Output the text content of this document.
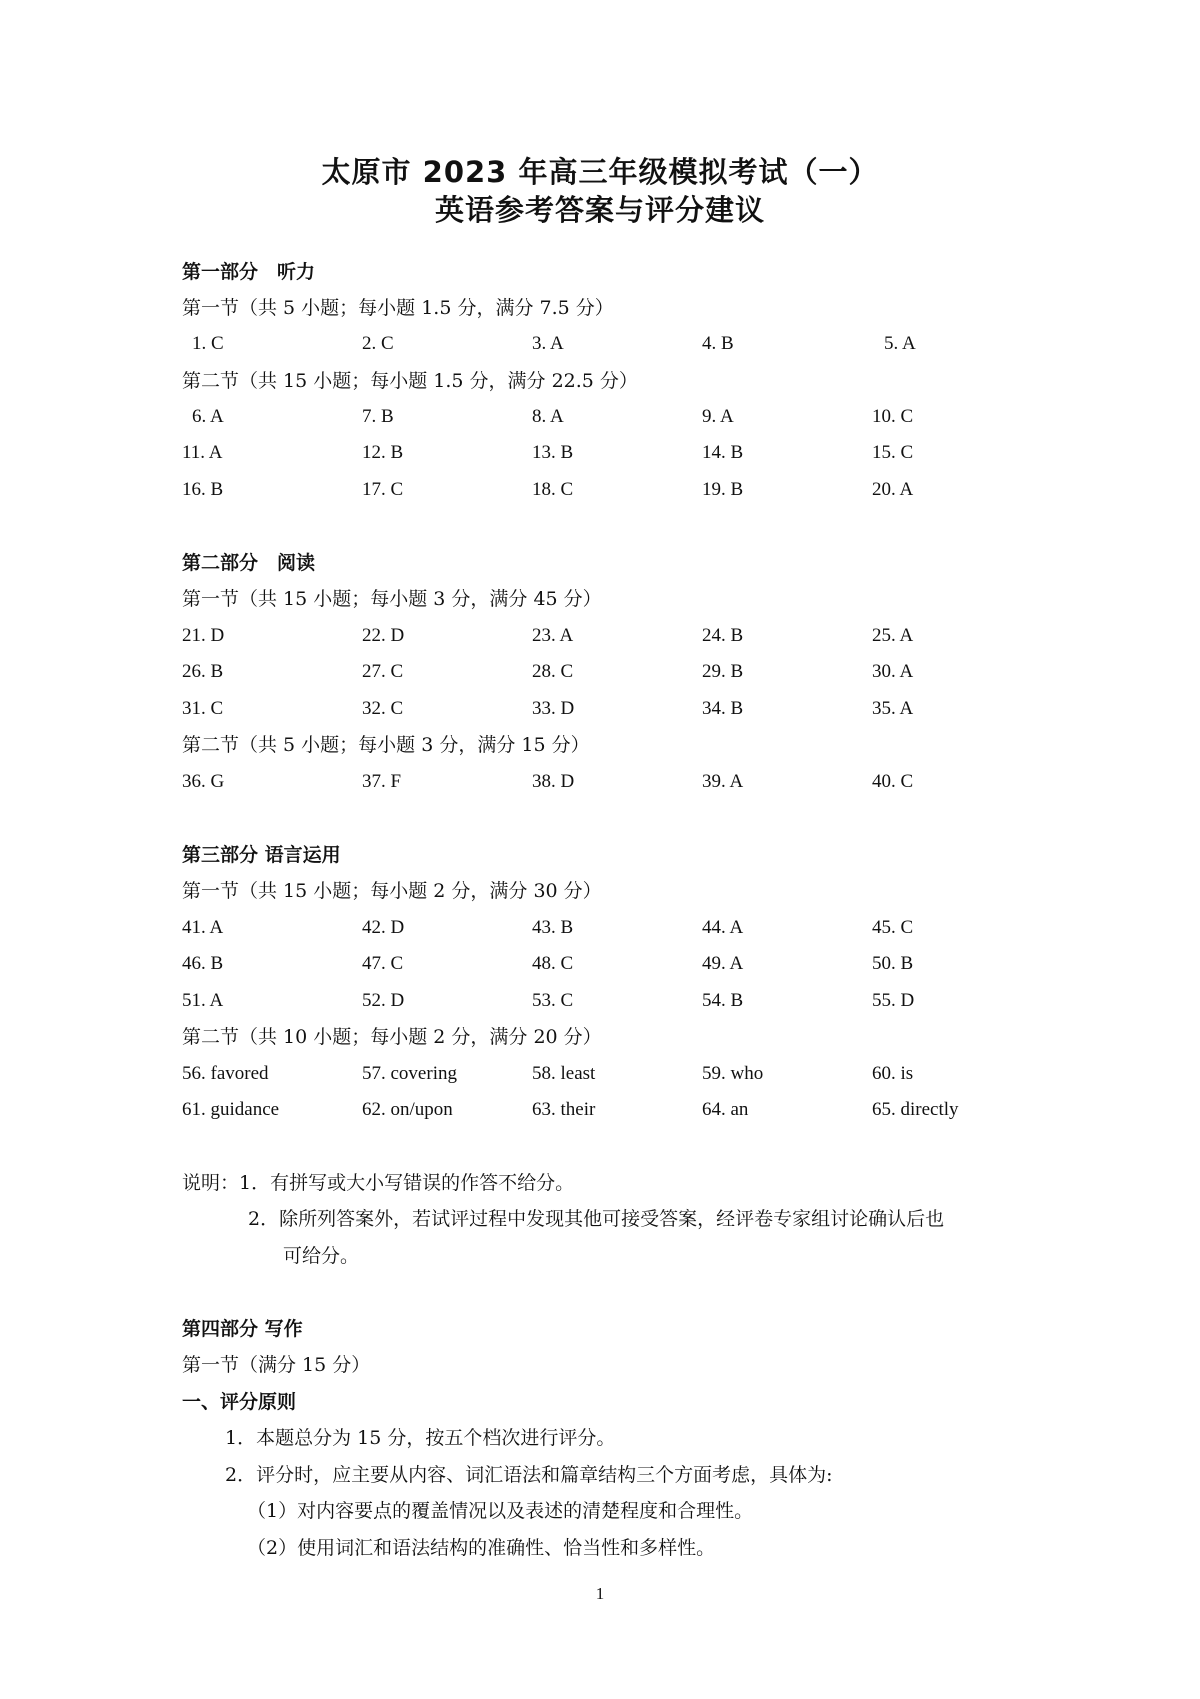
太原市 2023 年高三年级模拟考试（一）
英语参考答案与评分建议
第一部分　听力
第一节（共 5 小题；每小题 1.5 分，满分 7.5 分）
1. C	2. C	3. A	4. B	5. A
第二节（共 15 小题；每小题 1.5 分，满分 22.5 分）
6. A	7. B	8. A	9. A	10. C
11. A	12. B	13. B	14. B	15. C
16. B	17. C	18. C	19. B	20. A
第二部分　阅读
第一节（共 15 小题；每小题 3 分，满分 45 分）
21. D	22. D	23. A	24. B	25. A
26. B	27. C	28. C	29. B	30. A
31. C	32. C	33. D	34. B	35. A
第二节（共 5 小题；每小题 3 分，满分 15 分）
36. G	37. F	38. D	39. A	40. C
第三部分 语言运用
第一节（共 15 小题；每小题 2 分，满分 30 分）
41. A	42. D	43. B	44. A	45. C
46. B	47. C	48. C	49. A	50. B
51. A	52. D	53. C	54. B	55. D
第二节（共 10 小题；每小题 2 分，满分 20 分）
56. favored	57. covering	58. least	59. who	60. is
61. guidance	62. on/upon	63. their	64. an	65. directly
说明：1．有拼写或大小写错误的作答不给分。
2．除所列答案外，若试评过程中发现其他可接受答案，经评卷专家组讨论确认后也
可给分。
第四部分 写作
第一节（满分 15 分）
一、评分原则
1．本题总分为 15 分，按五个档次进行评分。
2．评分时，应主要从内容、词汇语法和篇章结构三个方面考虑，具体为:
（1）对内容要点的覆盖情况以及表述的清楚程度和合理性。
（2）使用词汇和语法结构的准确性、恰当性和多样性。
1
